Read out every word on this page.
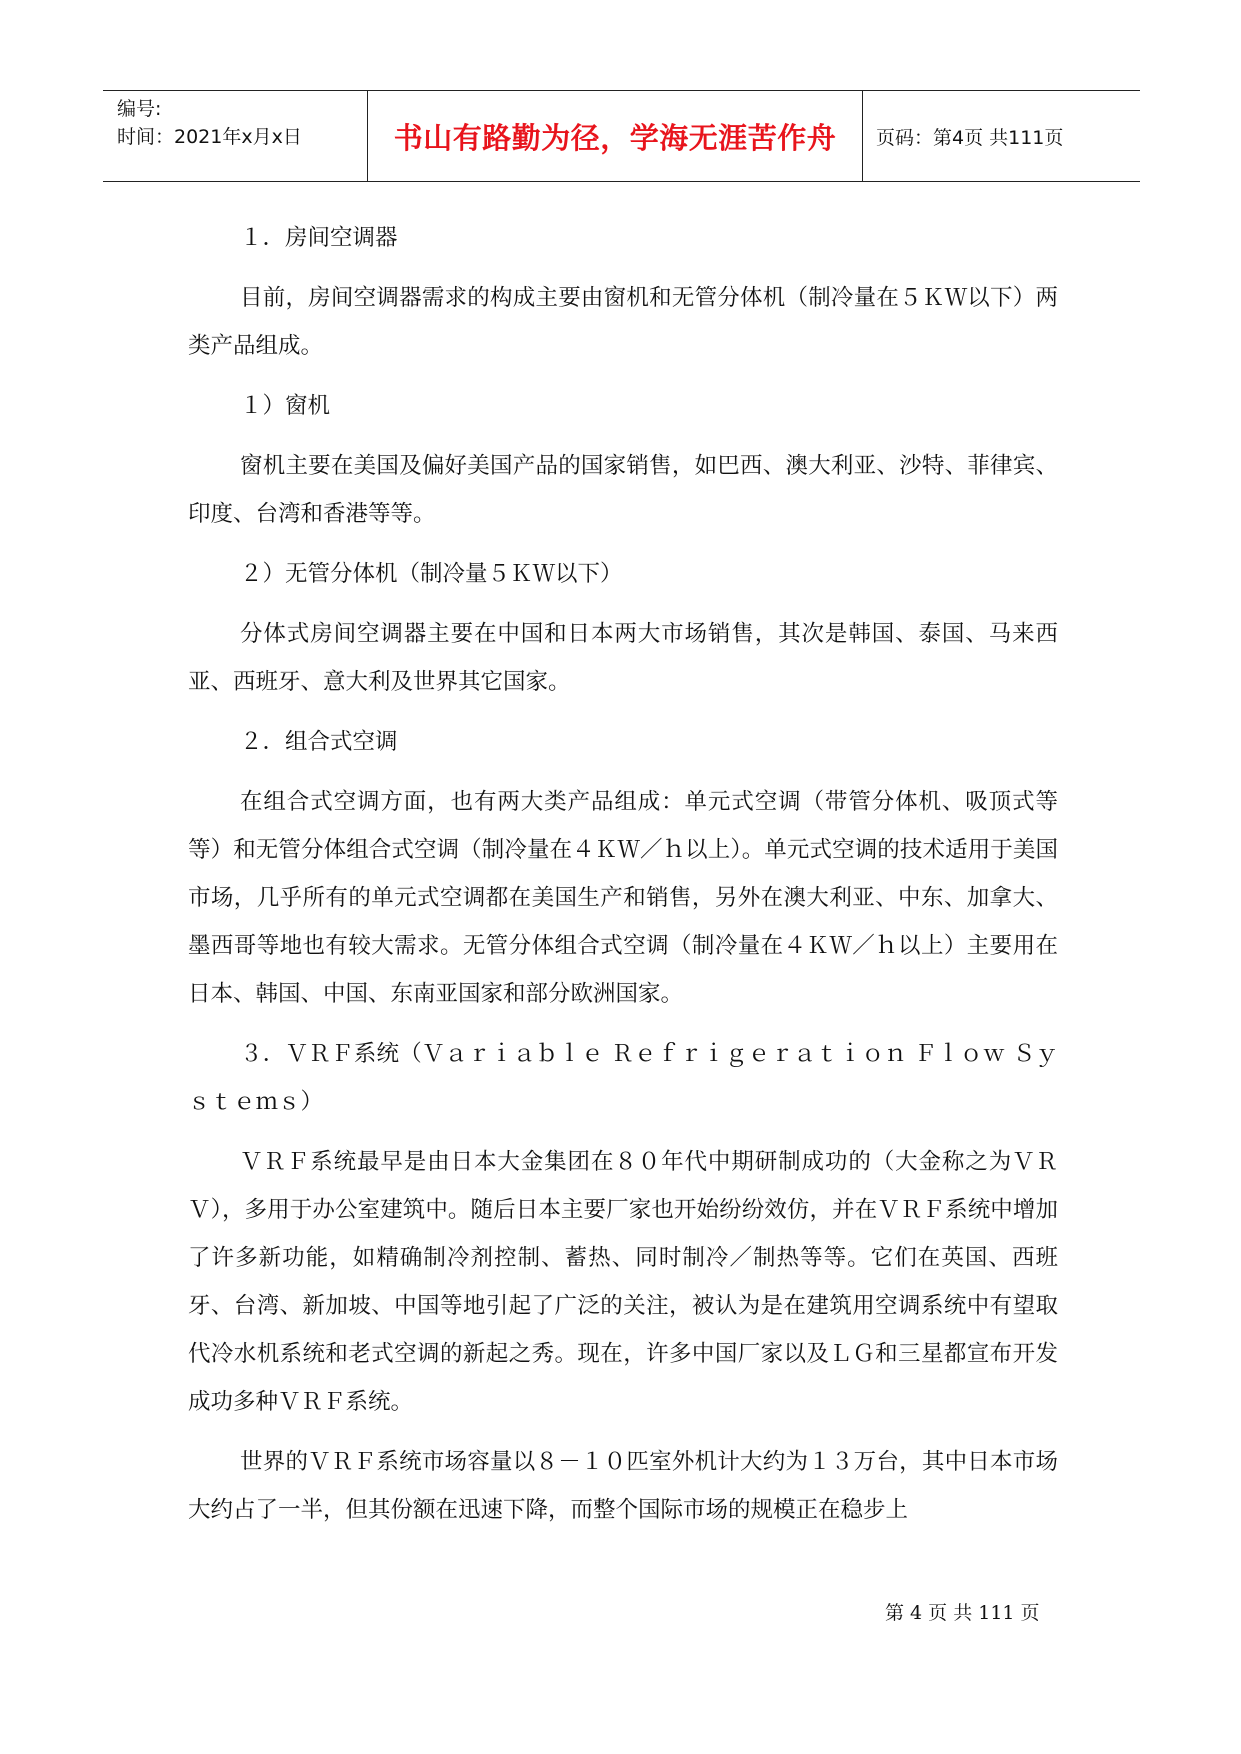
编号:
时间：2021年x月x日	书山有路勤为径，学海无涯苦作舟 页码：第4页 共111页

１．房间空调器

目前，房间空调器需求的构成主要由窗机和无管分体机（制冷量在５ＫＷ以下）两类产品组成。

１）窗机

窗机主要在美国及偏好美国产品的国家销售，如巴西、澳大利亚、沙特、菲律宾、印度、台湾和香港等等。

２）无管分体机（制冷量５ＫＷ以下）

分体式房间空调器主要在中国和日本两大市场销售，其次是韩国、泰国、马来西亚、西班牙、意大利及世界其它国家。

２．组合式空调

在组合式空调方面，也有两大类产品组成：单元式空调（带管分体机、吸顶式等等）和无管分体组合式空调（制冷量在４ＫＷ／ｈ以上）。单元式空调的技术适用于美国市场，几乎所有的单元式空调都在美国生产和销售，另外在澳大利亚、中东、加拿大、墨西哥等地也有较大需求。无管分体组合式空调（制冷量在４ＫＷ／ｈ以上）主要用在日本、韩国、中国、东南亚国家和部分欧洲国家。

３．ＶＲＦ系统（Ｖａｒｉａｂｌｅ Ｒｅｆｒｉｇｅｒａｔｉｏｎ Ｆｌｏｗ Ｓｙｓｔｅｍｓ）

ＶＲＦ系统最早是由日本大金集团在８０年代中期研制成功的（大金称之为ＶＲＶ），多用于办公室建筑中。随后日本主要厂家也开始纷纷效仿，并在ＶＲＦ系统中增加了许多新功能，如精确制冷剂控制、蓄热、同时制冷／制热等等。它们在英国、西班牙、台湾、新加坡、中国等地引起了广泛的关注，被认为是在建筑用空调系统中有望取代冷水机系统和老式空调的新起之秀。现在，许多中国厂家以及ＬＧ和三星都宣布开发成功多种ＶＲＦ系统。

世界的ＶＲＦ系统市场容量以８－１０匹室外机计大约为１３万台，其中日本市场大约占了一半，但其份额在迅速下降，而整个国际市场的规模正在稳步上

第 4 页 共 111 页
